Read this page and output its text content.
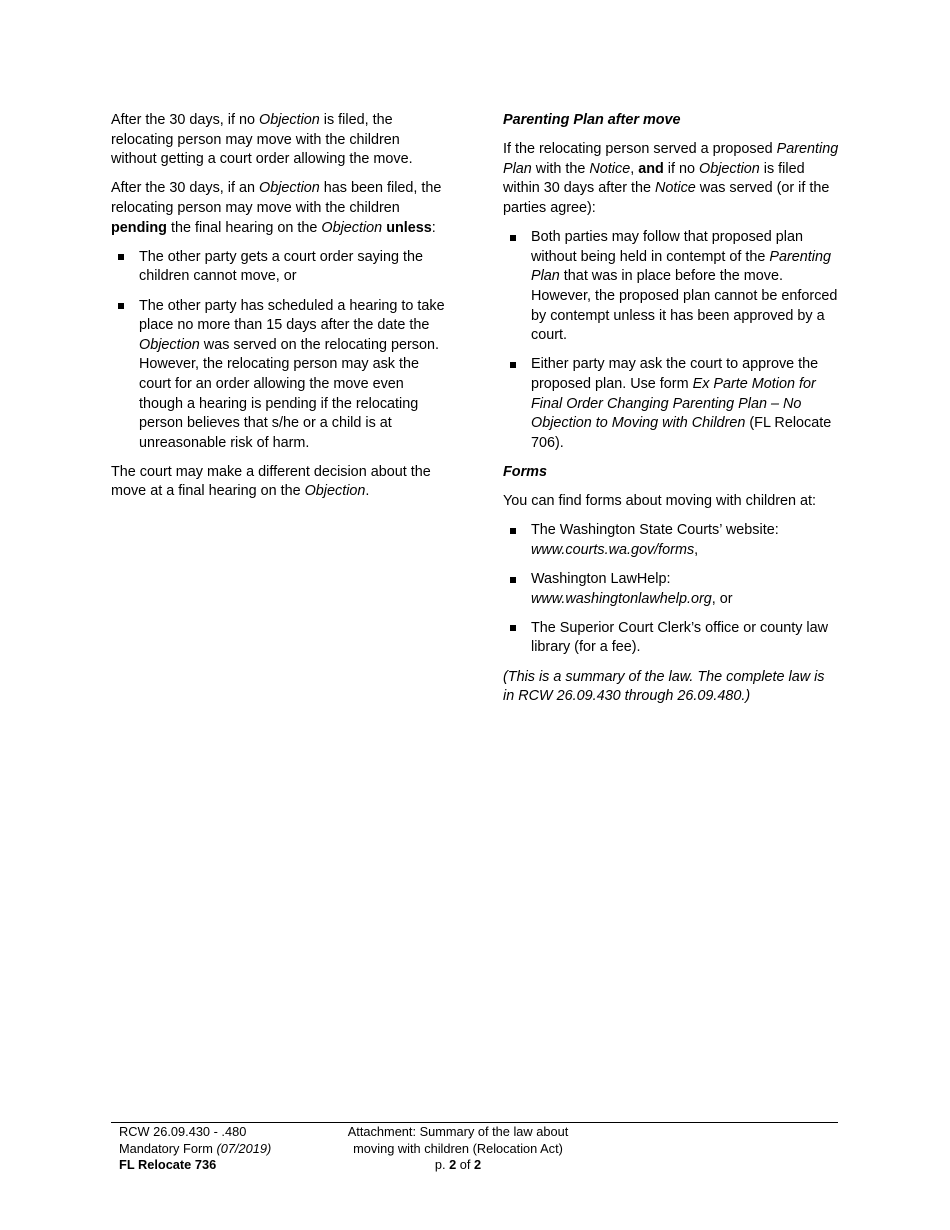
After the 30 days, if no Objection is filed, the relocating person may move with the children without getting a court order allowing the move.

After the 30 days, if an Objection has been filed, the relocating person may move with the children pending the final hearing on the Objection unless:

The other party gets a court order saying the children cannot move, or
The other party has scheduled a hearing to take place no more than 15 days after the date the Objection was served on the relocating person. However, the relocating person may ask the court for an order allowing the move even though a hearing is pending if the relocating person believes that s/he or a child is at unreasonable risk of harm.

The court may make a different decision about the move at a final hearing on the Objection.

Parenting Plan after move

If the relocating person served a proposed Parenting Plan with the Notice, and if no Objection is filed within 30 days after the Notice was served (or if the parties agree):

Both parties may follow that proposed plan without being held in contempt of the Parenting Plan that was in place before the move. However, the proposed plan cannot be enforced by contempt unless it has been approved by a court.
Either party may ask the court to approve the proposed plan. Use form Ex Parte Motion for Final Order Changing Parenting Plan – No Objection to Moving with Children (FL Relocate 706).
Forms

You can find forms about moving with children at:

The Washington State Courts’ website: www.courts.wa.gov/forms,
Washington LawHelp: www.washingtonlawhelp.org, or
The Superior Court Clerk’s office or county law library (for a fee).

(This is a summary of the law. The complete law is in RCW 26.09.430 through 26.09.480.)

RCW 26.09.430 - .480
Mandatory Form (07/2019)
FL Relocate 736
Attachment: Summary of the law about
moving with children (Relocation Act)
p. 2 of 2
